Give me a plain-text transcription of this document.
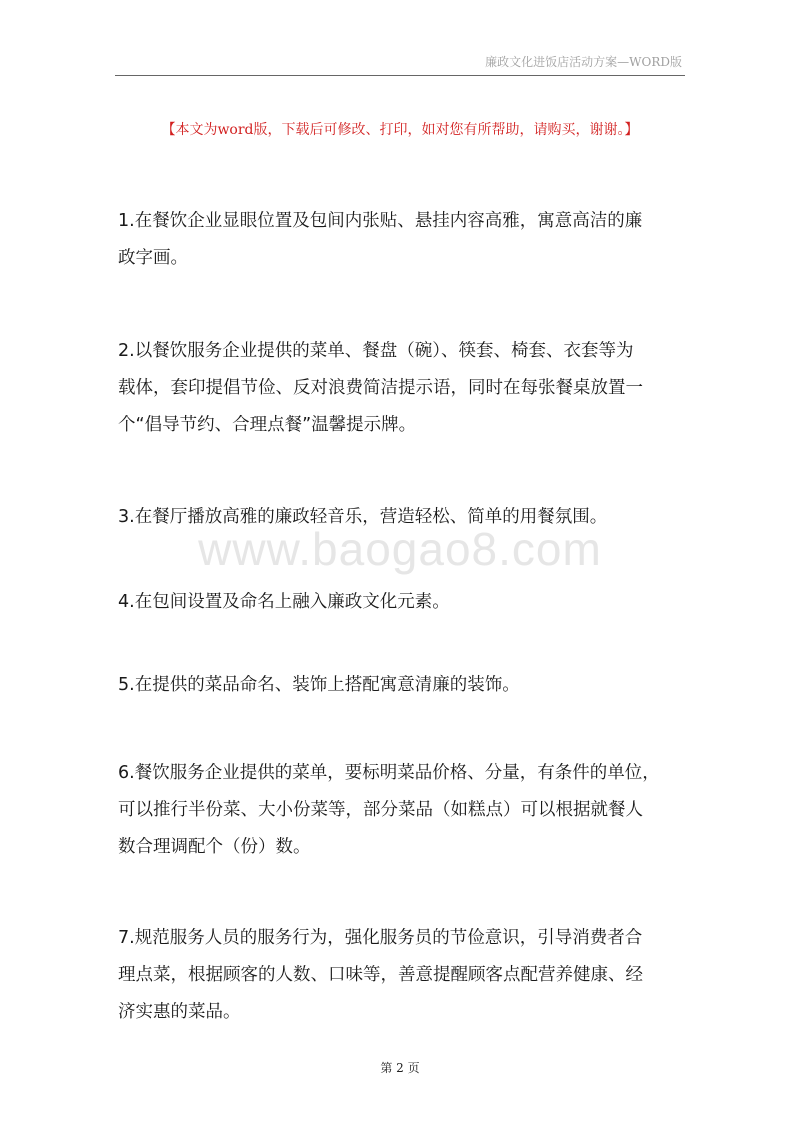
廉政文化进饭店活动方案—WORD版
【本文为word版，下载后可修改、打印，如对您有所帮助，请购买，谢谢。】
www.baogao8.com
1.在餐饮企业显眼位置及包间内张贴、悬挂内容高雅，寓意高洁的廉
政字画。
2.以餐饮服务企业提供的菜单、餐盘（碗）、筷套、椅套、衣套等为
载体，套印提倡节俭、反对浪费简洁提示语，同时在每张餐桌放置一
个“倡导节约、合理点餐”温馨提示牌。
3.在餐厅播放高雅的廉政轻音乐，营造轻松、简单的用餐氛围。
4.在包间设置及命名上融入廉政文化元素。
5.在提供的菜品命名、装饰上搭配寓意清廉的装饰。
6.餐饮服务企业提供的菜单，要标明菜品价格、分量，有条件的单位，
可以推行半份菜、大小份菜等，部分菜品（如糕点）可以根据就餐人
数合理调配个（份）数。
7.规范服务人员的服务行为，强化服务员的节俭意识，引导消费者合
理点菜，根据顾客的人数、口味等，善意提醒顾客点配营养健康、经
济实惠的菜品。
第 2 页
